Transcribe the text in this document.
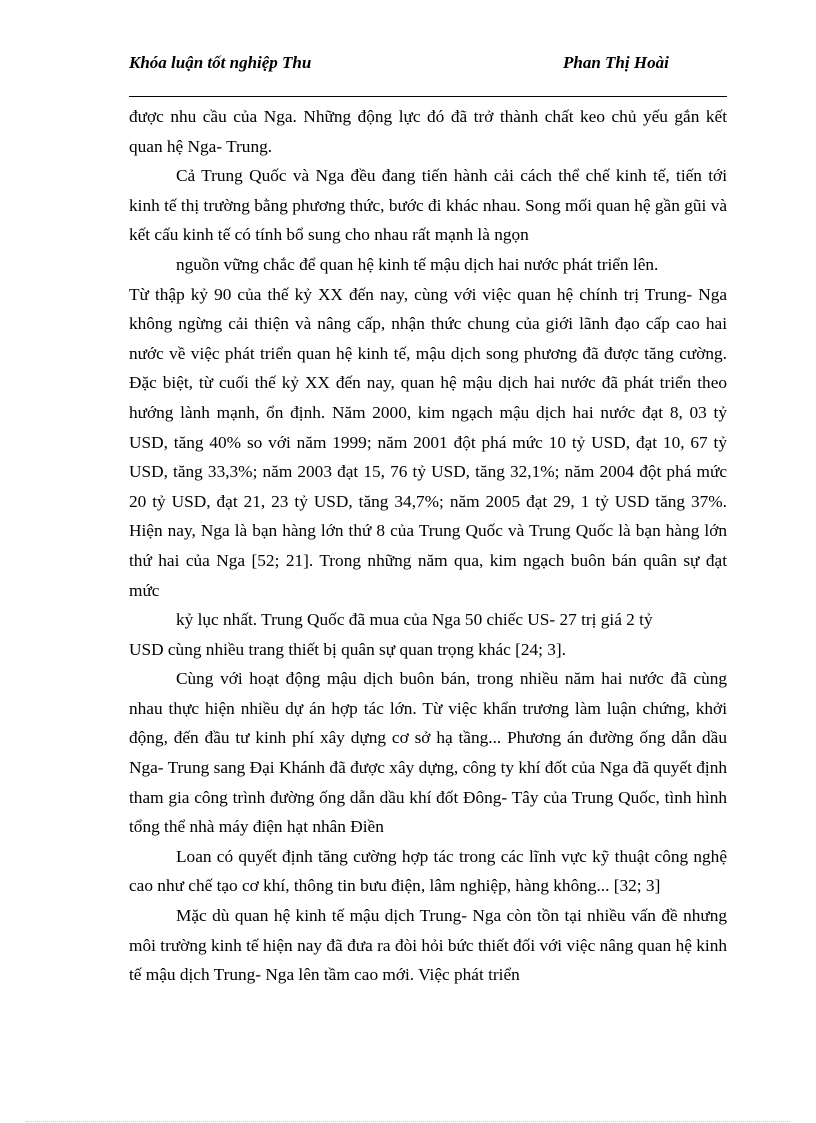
Khóa luận tốt nghiệp Thu	Phan Thị Hoài

được nhu cầu của Nga. Những động lực đó đã trở thành chất keo chủ yếu gắn kết quan hệ Nga- Trung.

Cả Trung Quốc và Nga đều đang tiến hành cải cách thể chế kinh tế, tiến tới kinh tế thị trường bằng phương thức, bước đi khác nhau. Song mối quan hệ gần gũi và kết cấu kinh tế có tính bổ sung cho nhau rất mạnh là ngọn

nguồn vững chắc để quan hệ kinh tế mậu dịch hai nước phát triển lên.

Từ thập kỷ 90 của thế kỷ XX đến nay, cùng với việc quan hệ chính trị Trung- Nga không ngừng cải thiện và nâng cấp, nhận thức chung của giới lãnh đạo cấp cao hai nước về việc phát triển quan hệ kinh tế, mậu dịch song phương đã được tăng cường. Đặc biệt, từ cuối thế kỷ XX đến nay, quan hệ mậu dịch hai nước đã phát triển theo hướng lành mạnh, ổn định. Năm 2000, kim ngạch mậu dịch hai nước đạt 8, 03 tỷ USD, tăng 40% so với năm 1999; năm 2001 đột phá mức 10 tỷ USD, đạt 10, 67 tỷ USD, tăng 33,3%; năm 2003 đạt 15, 76 tỷ USD, tăng 32,1%; năm 2004 đột phá mức 20 tỷ USD, đạt 21, 23 tỷ USD, tăng 34,7%; năm 2005 đạt 29, 1 tỷ USD tăng 37%. Hiện nay, Nga là bạn hàng lớn thứ 8 của Trung Quốc và Trung Quốc là bạn hàng lớn thứ hai của Nga [52; 21]. Trong những năm qua, kim ngạch buôn bán quân sự đạt mức

kỷ lục nhất. Trung Quốc đã mua của Nga 50 chiếc US- 27 trị giá 2 tỷ

USD cùng nhiều trang thiết bị quân sự quan trọng khác [24; 3].

Cùng với hoạt động mậu dịch buôn bán, trong nhiều năm hai nước đã cùng nhau thực hiện nhiều dự án hợp tác lớn. Từ việc khẩn trương làm luận chứng, khởi động, đến đầu tư kinh phí xây dựng cơ sở hạ tầng... Phương án đường ống dẫn dầu Nga- Trung sang Đại Khánh đã được xây dựng, công ty khí đốt của Nga đã quyết định tham gia công trình đường ống dẫn dầu khí đốt Đông- Tây của Trung Quốc, tình hình tổng thể nhà máy điện hạt nhân Điền

Loan có quyết định tăng cường hợp tác trong các lĩnh vực kỹ thuật công nghệ cao như chế tạo cơ khí, thông tin bưu điện, lâm nghiệp, hàng không... [32; 3]

Mặc dù quan hệ kinh tế mậu dịch Trung- Nga còn tồn tại nhiều vấn đề nhưng môi trường kinh tế hiện nay đã đưa ra đòi hỏi bức thiết đối với việc nâng quan hệ kinh tế mậu dịch Trung- Nga lên tầm cao mới. Việc phát triển
